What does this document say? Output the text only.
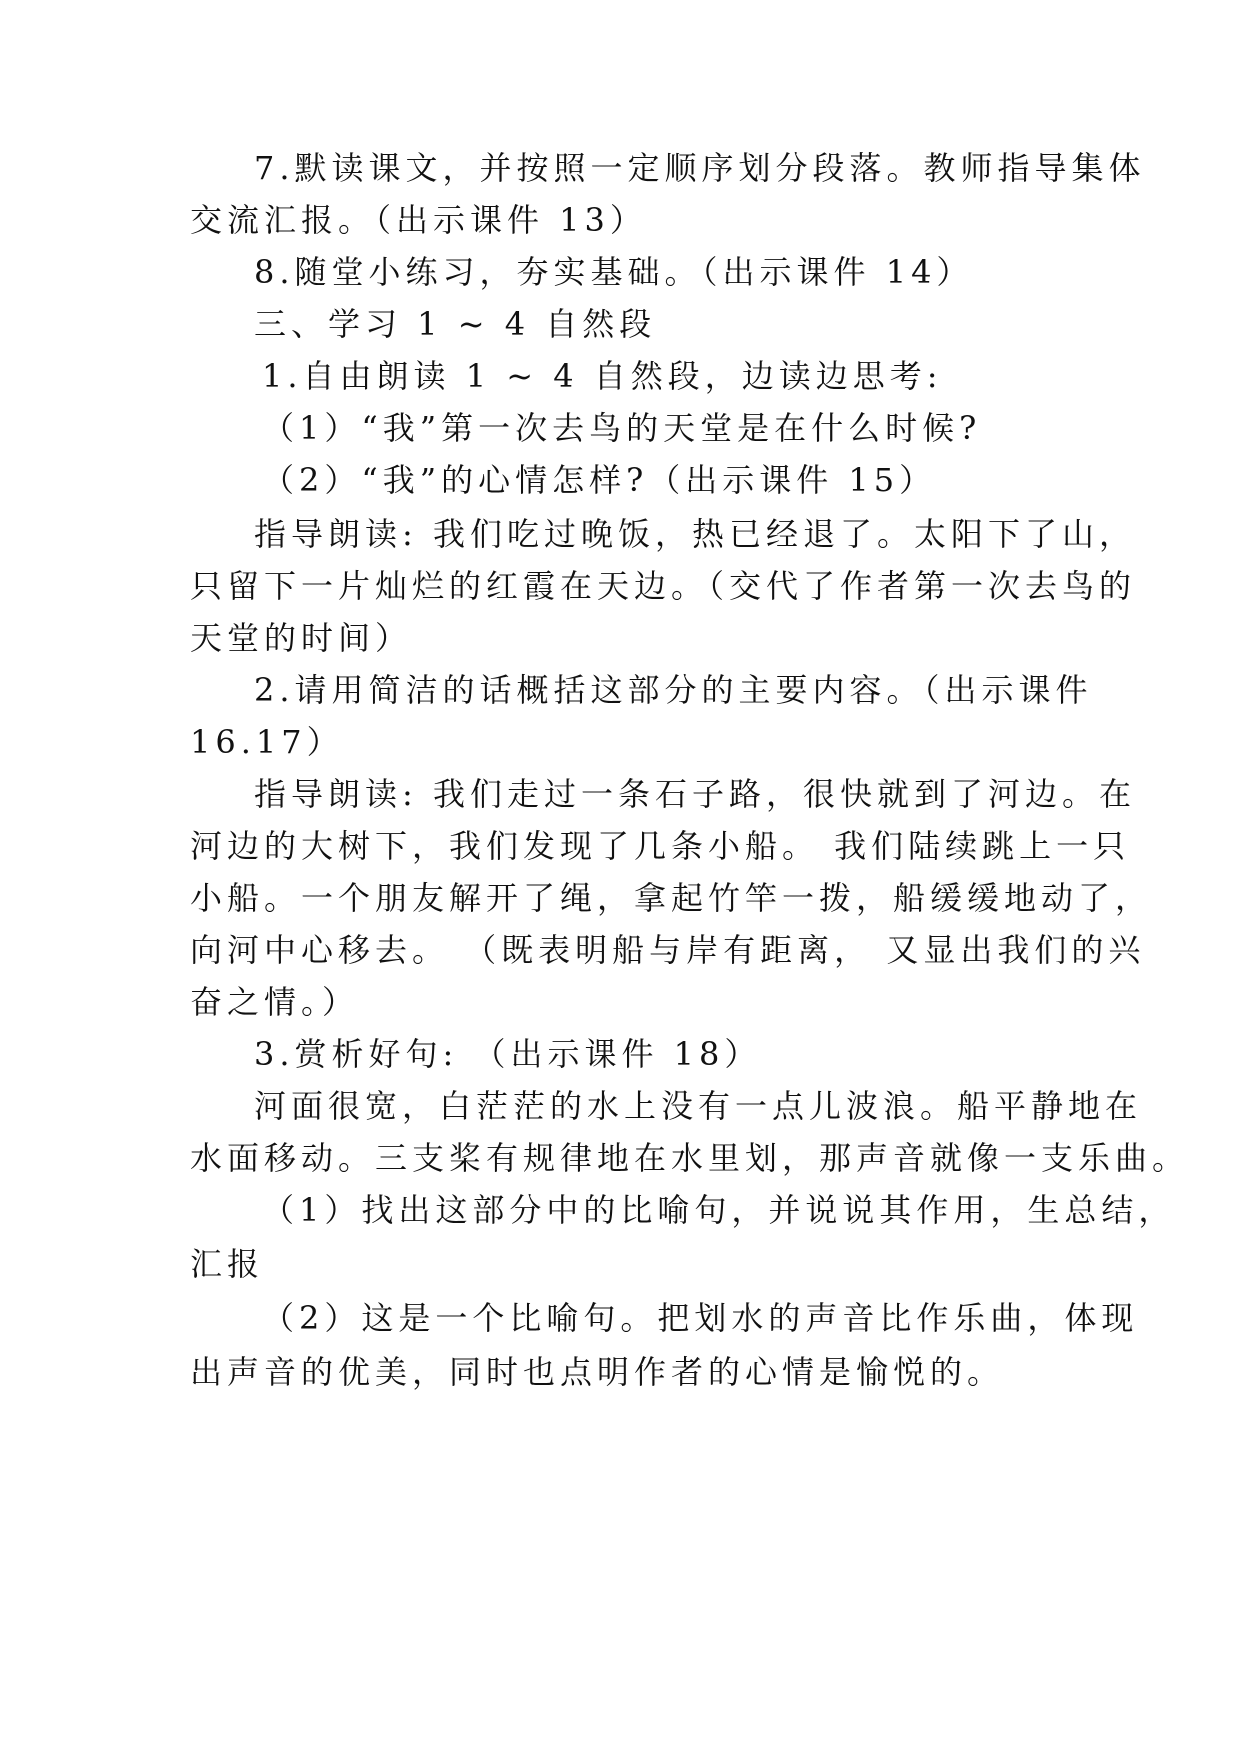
7.默读课文，并按照一定顺序划分段落。教师指导集体
交流汇报。（出示课件 13）
8.随堂小练习，夯实基础。（出示课件 14）
三、学习 1 ~ 4 自然段
1.自由朗读 1 ~ 4 自然段，边读边思考:
（1）“我”第一次去鸟的天堂是在什么时候?
（2）“我”的心情怎样?（出示课件 15）
指导朗读: 我们吃过晚饭，热已经退了。太阳下了山，
只留下一片灿烂的红霞在天边。（交代了作者第一次去鸟的
天堂的时间）
2.请用简洁的话概括这部分的主要内容。（出示课件
16.17）
指导朗读: 我们走过一条石子路，很快就到了河边。在
河边的大树下，我们发现了几条小船。 我们陆续跳上一只
小船。一个朋友解开了绳，拿起竹竿一拨，船缓缓地动了，
向河中心移去。 （既表明船与岸有距离， 又显出我们的兴
奋之情。）
3.赏析好句: （出示课件 18）
河面很宽，白茫茫的水上没有一点儿波浪。船平静地在
水面移动。三支桨有规律地在水里划，那声音就像一支乐曲。
（1）找出这部分中的比喻句，并说说其作用，生总结，
汇报
（2）这是一个比喻句。把划水的声音比作乐曲，体现
出声音的优美，同时也点明作者的心情是愉悦的。
